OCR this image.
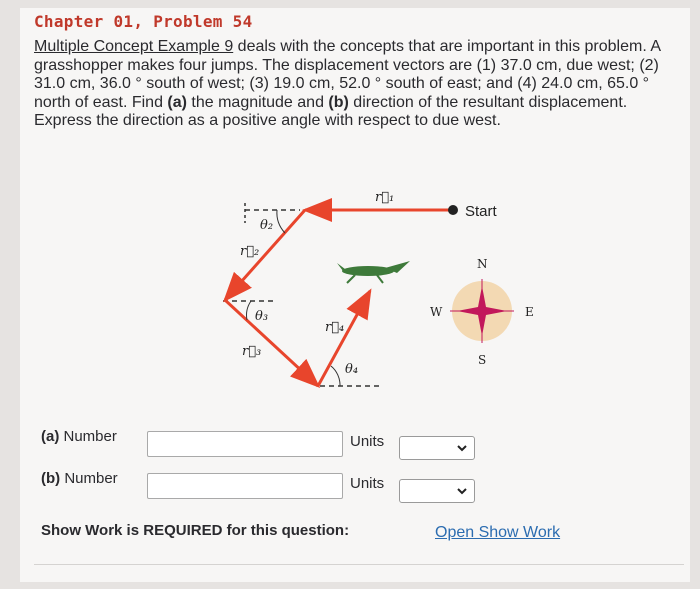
Chapter 01, Problem 54
Multiple Concept Example 9 deals with the concepts that are important in this problem. A grasshopper makes four jumps. The displacement vectors are (1) 37.0 cm, due west; (2) 31.0 cm, 36.0 ° south of west; (3) 19.0 cm, 52.0 ° south of east; and (4) 24.0 cm, 65.0 ° north of east. Find (a) the magnitude and (b) direction of the resultant displacement. Express the direction as a positive angle with respect to due west.
Start
r⃗₁
r⃗₂
r⃗₃
r⃗₄
θ₂
θ₃
θ₄
N
S
E
W
(a) Number	Units
(b) Number	Units
Show Work is REQUIRED for this question:	Open Show Work
